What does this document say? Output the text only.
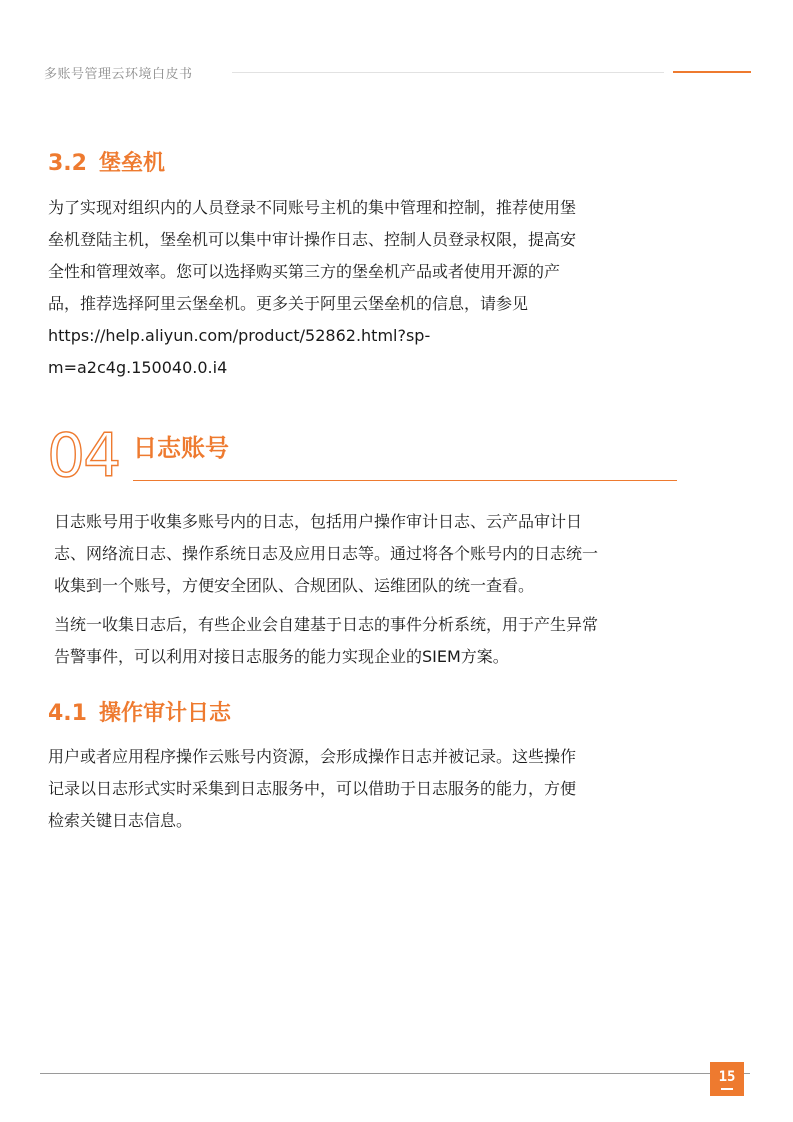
多账号管理云环境白皮书
3.2 堡垒机

为了实现对组织内的人员登录不同账号主机的集中管理和控制，推荐使用堡
垒机登陆主机，堡垒机可以集中审计操作日志、控制人员登录权限，提高安
全性和管理效率。您可以选择购买第三方的堡垒机产品或者使用开源的产
品，推荐选择阿里云堡垒机。更多关于阿里云堡垒机的信息，请参见
https://help.aliyun.com/product/52862.html?sp-
m=a2c4g.150040.0.i4

04 日志账号

日志账号用于收集多账号内的日志，包括用户操作审计日志、云产品审计日
志、网络流日志、操作系统日志及应用日志等。通过将各个账号内的日志统一
收集到一个账号，方便安全团队、合规团队、运维团队的统一查看。

当统一收集日志后，有些企业会自建基于日志的事件分析系统，用于产生异常
告警事件，可以利用对接日志服务的能力实现企业的SIEM方案。

4.1 操作审计日志

用户或者应用程序操作云账号内资源，会形成操作日志并被记录。这些操作
记录以日志形式实时采集到日志服务中，可以借助于日志服务的能力，方便
检索关键日志信息。

15
